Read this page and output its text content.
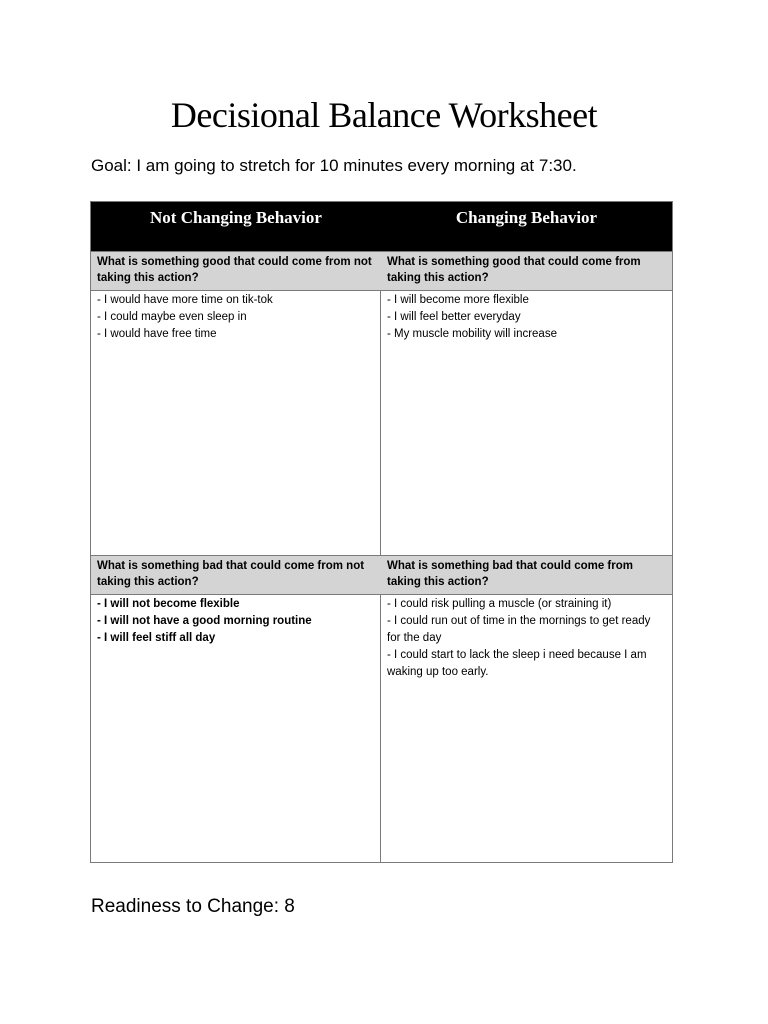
Decisional Balance Worksheet
Goal: I am going to stretch for 10 minutes every morning at 7:30.
Not Changing Behavior	Changing Behavior
What is something good that could come from not taking this action?
What is something good that could come from taking this action?
- I would have more time on tik-tok
- I could maybe even sleep in
- I would have free time
- I will become more flexible
- I will feel better everyday
- My muscle mobility will increase
What is something bad that could come from not taking this action?
What is something bad that could come from taking this action?
- I will not become flexible
- I will not have a good morning routine
- I will feel stiff all day
- I could risk pulling a muscle (or straining it)
- I could run out of time in the mornings to get ready for the day
- I could start to lack the sleep i need because I am waking up too early.
Readiness to Change: 8
